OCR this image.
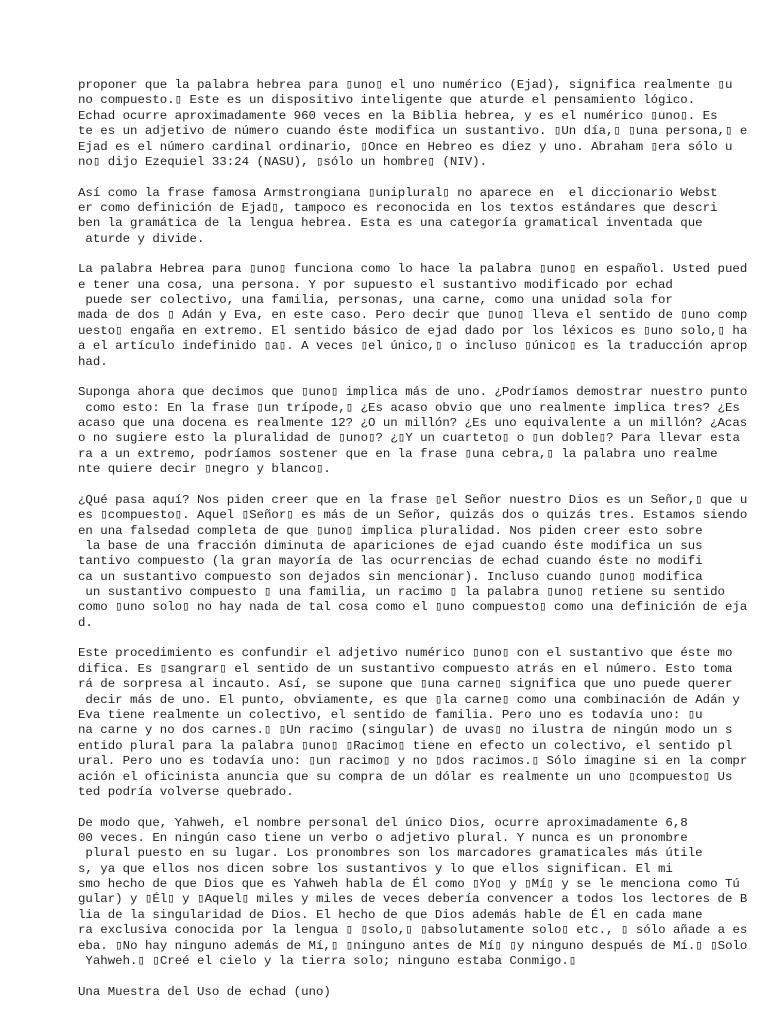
proponer que la palabra hebrea para ▯uno▯ el uno numérico (Ejad), significa realmente ▯u
no compuesto.▯ Este es un dispositivo inteligente que aturde el pensamiento lógico.
Echad ocurre aproximadamente 960 veces en la Biblia hebrea, y es el numérico ▯uno▯. Es
te es un adjetivo de número cuando éste modifica un sustantivo. ▯Un día,▯ ▯una persona,▯ e
Ejad es el número cardinal ordinario, ▯Once en Hebreo es diez y uno. Abraham ▯era sólo u
no▯ dijo Ezequiel 33:24 (NASU), ▯sólo un hombre▯ (NIV).

Así como la frase famosa Armstrongiana ▯uniplural▯ no aparece en  el diccionario Webst
er como definición de Ejad▯, tampoco es reconocida en los textos estándares que descri
ben la gramática de la lengua hebrea. Esta es una categoría gramatical inventada que
aturde y divide.

La palabra Hebrea para ▯uno▯ funciona como lo hace la palabra ▯uno▯ en español. Usted pued
e tener una cosa, una persona. Y por supuesto el sustantivo modificado por echad
puede ser colectivo, una familia, personas, una carne, como una unidad sola for
mada de dos ▯ Adán y Eva, en este caso. Pero decir que ▯uno▯ lleva el sentido de ▯uno comp
uesto▯ engaña en extremo. El sentido básico de ejad dado por los léxicos es ▯uno solo,▯ ha
a el artículo indefinido ▯a▯. A veces ▯el único,▯ o incluso ▯único▯ es la traducción aprop
had.

Suponga ahora que decimos que ▯uno▯ implica más de uno. ¿Podríamos demostrar nuestro punto
como esto: En la frase ▯un trípode,▯ ¿Es acaso obvio que uno realmente implica tres? ¿Es
acaso que una docena es realmente 12? ¿O un millón? ¿Es uno equivalente a un millón? ¿Acas
o no sugiere esto la pluralidad de ▯uno▯? ¿▯Y un cuarteto▯ o ▯un doble▯? Para llevar esta
ra a un extremo, podríamos sostener que en la frase ▯una cebra,▯ la palabra uno realme
nte quiere decir ▯negro y blanco▯.

¿Qué pasa aquí? Nos piden creer que en la frase ▯el Señor nuestro Dios es un Señor,▯ que u
es ▯compuesto▯. Aquel ▯Señor▯ es más de un Señor, quizás dos o quizás tres. Estamos siendo
en una falsedad completa de que ▯uno▯ implica pluralidad. Nos piden creer esto sobre
la base de una fracción diminuta de apariciones de ejad cuando éste modifica un sus
tantivo compuesto (la gran mayoría de las ocurrencias de echad cuando éste no modifi
ca un sustantivo compuesto son dejados sin mencionar). Incluso cuando ▯uno▯ modifica
un sustantivo compuesto ▯ una familia, un racimo ▯ la palabra ▯uno▯ retiene su sentido
como ▯uno solo▯ no hay nada de tal cosa como el ▯uno compuesto▯ como una definición de eja
d.

Este procedimiento es confundir el adjetivo numérico ▯uno▯ con el sustantivo que éste mo
difica. Es ▯sangrar▯ el sentido de un sustantivo compuesto atrás en el número. Esto toma
rá de sorpresa al incauto. Así, se supone que ▯una carne▯ significa que uno puede querer
decir más de uno. El punto, obviamente, es que ▯la carne▯ como una combinación de Adán y
Eva tiene realmente un colectivo, el sentido de familia. Pero uno es todavía uno: ▯u
na carne y no dos carnes.▯ ▯Un racimo (singular) de uvas▯ no ilustra de ningún modo un s
entido plural para la palabra ▯uno▯ ▯Racimo▯ tiene en efecto un colectivo, el sentido pl
ural. Pero uno es todavía uno: ▯un racimo▯ y no ▯dos racimos.▯ Sólo imagine si en la compr
ación el oficinista anuncia que su compra de un dólar es realmente un uno ▯compuesto▯ Us
ted podría volverse quebrado.

De modo que, Yahweh, el nombre personal del único Dios, ocurre aproximadamente 6,8
00 veces. En ningún caso tiene un verbo o adjetivo plural. Y nunca es un pronombre
plural puesto en su lugar. Los pronombres son los marcadores gramaticales más útile
s, ya que ellos nos dicen sobre los sustantivos y lo que ellos significan. El mi
smo hecho de que Dios que es Yahweh habla de Él como ▯Yo▯ y ▯Mí▯ y se le menciona como Tú
gular) y ▯Él▯ y ▯Aquel▯ miles y miles de veces debería convencer a todos los lectores de B
lia de la singularidad de Dios. El hecho de que Dios además hable de Él en cada mane
ra exclusiva conocida por la lengua ▯ ▯solo,▯ ▯absolutamente solo▯ etc., ▯ sólo añade a es
eba. ▯No hay ninguno además de Mí,▯ ▯ninguno antes de Mí▯ ▯y ninguno después de Mí.▯ ▯Solo
Yahweh.▯ ▯Creé el cielo y la tierra solo; ninguno estaba Conmigo.▯

Una Muestra del Uso de echad (uno)
